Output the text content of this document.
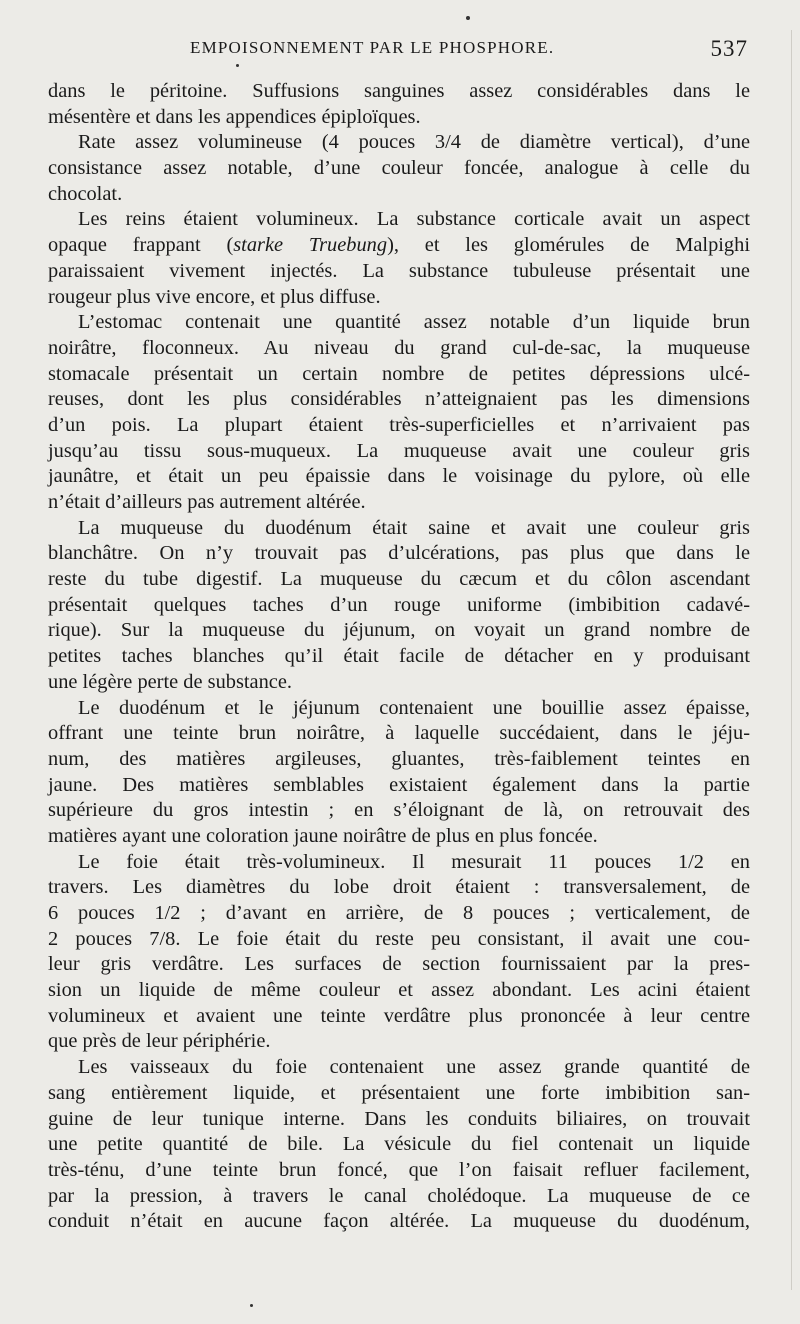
EMPOISONNEMENT PAR LE PHOSPHORE.	537

dans le péritoine. Suffusions sanguines assez considérables dans le
mésentère et dans les appendices épiploïques.

Rate assez volumineuse (4 pouces 3/4 de diamètre vertical), d’une
consistance assez notable, d’une couleur foncée, analogue à celle du
chocolat.

Les reins étaient volumineux. La substance corticale avait un aspect
opaque frappant (starke Truebung), et les glomérules de Malpighi
paraissaient vivement injectés. La substance tubuleuse présentait une
rougeur plus vive encore, et plus diffuse.

L’estomac contenait une quantité assez notable d’un liquide brun
noirâtre, floconneux. Au niveau du grand cul-de-sac, la muqueuse
stomacale présentait un certain nombre de petites dépressions ulcé-
reuses, dont les plus considérables n’atteignaient pas les dimensions
d’un pois. La plupart étaient très-superficielles et n’arrivaient pas
jusqu’au tissu sous-muqueux. La muqueuse avait une couleur gris
jaunâtre, et était un peu épaissie dans le voisinage du pylore, où elle
n’était d’ailleurs pas autrement altérée.

La muqueuse du duodénum était saine et avait une couleur gris
blanchâtre. On n’y trouvait pas d’ulcérations, pas plus que dans le
reste du tube digestif. La muqueuse du cæcum et du côlon ascendant
présentait quelques taches d’un rouge uniforme (imbibition cadavé-
rique). Sur la muqueuse du jéjunum, on voyait un grand nombre de
petites taches blanches qu’il était facile de détacher en y produisant
une légère perte de substance.

Le duodénum et le jéjunum contenaient une bouillie assez épaisse,
offrant une teinte brun noirâtre, à laquelle succédaient, dans le jéju-
num, des matières argileuses, gluantes, très-faiblement teintes en
jaune. Des matières semblables existaient également dans la partie
supérieure du gros intestin ; en s’éloignant de là, on retrouvait des
matières ayant une coloration jaune noirâtre de plus en plus foncée.

Le foie était très-volumineux. Il mesurait 11 pouces 1/2 en
travers. Les diamètres du lobe droit étaient : transversalement, de
6 pouces 1/2 ; d’avant en arrière, de 8 pouces ; verticalement, de
2 pouces 7/8. Le foie était du reste peu consistant, il avait une cou-
leur gris verdâtre. Les surfaces de section fournissaient par la pres-
sion un liquide de même couleur et assez abondant. Les acini étaient
volumineux et avaient une teinte verdâtre plus prononcée à leur centre
que près de leur périphérie.

Les vaisseaux du foie contenaient une assez grande quantité de
sang entièrement liquide, et présentaient une forte imbibition san-
guine de leur tunique interne. Dans les conduits biliaires, on trouvait
une petite quantité de bile. La vésicule du fiel contenait un liquide
très-ténu, d’une teinte brun foncé, que l’on faisait refluer facilement,
par la pression, à travers le canal cholédoque. La muqueuse de ce
conduit n’était en aucune façon altérée. La muqueuse du duodénum,
